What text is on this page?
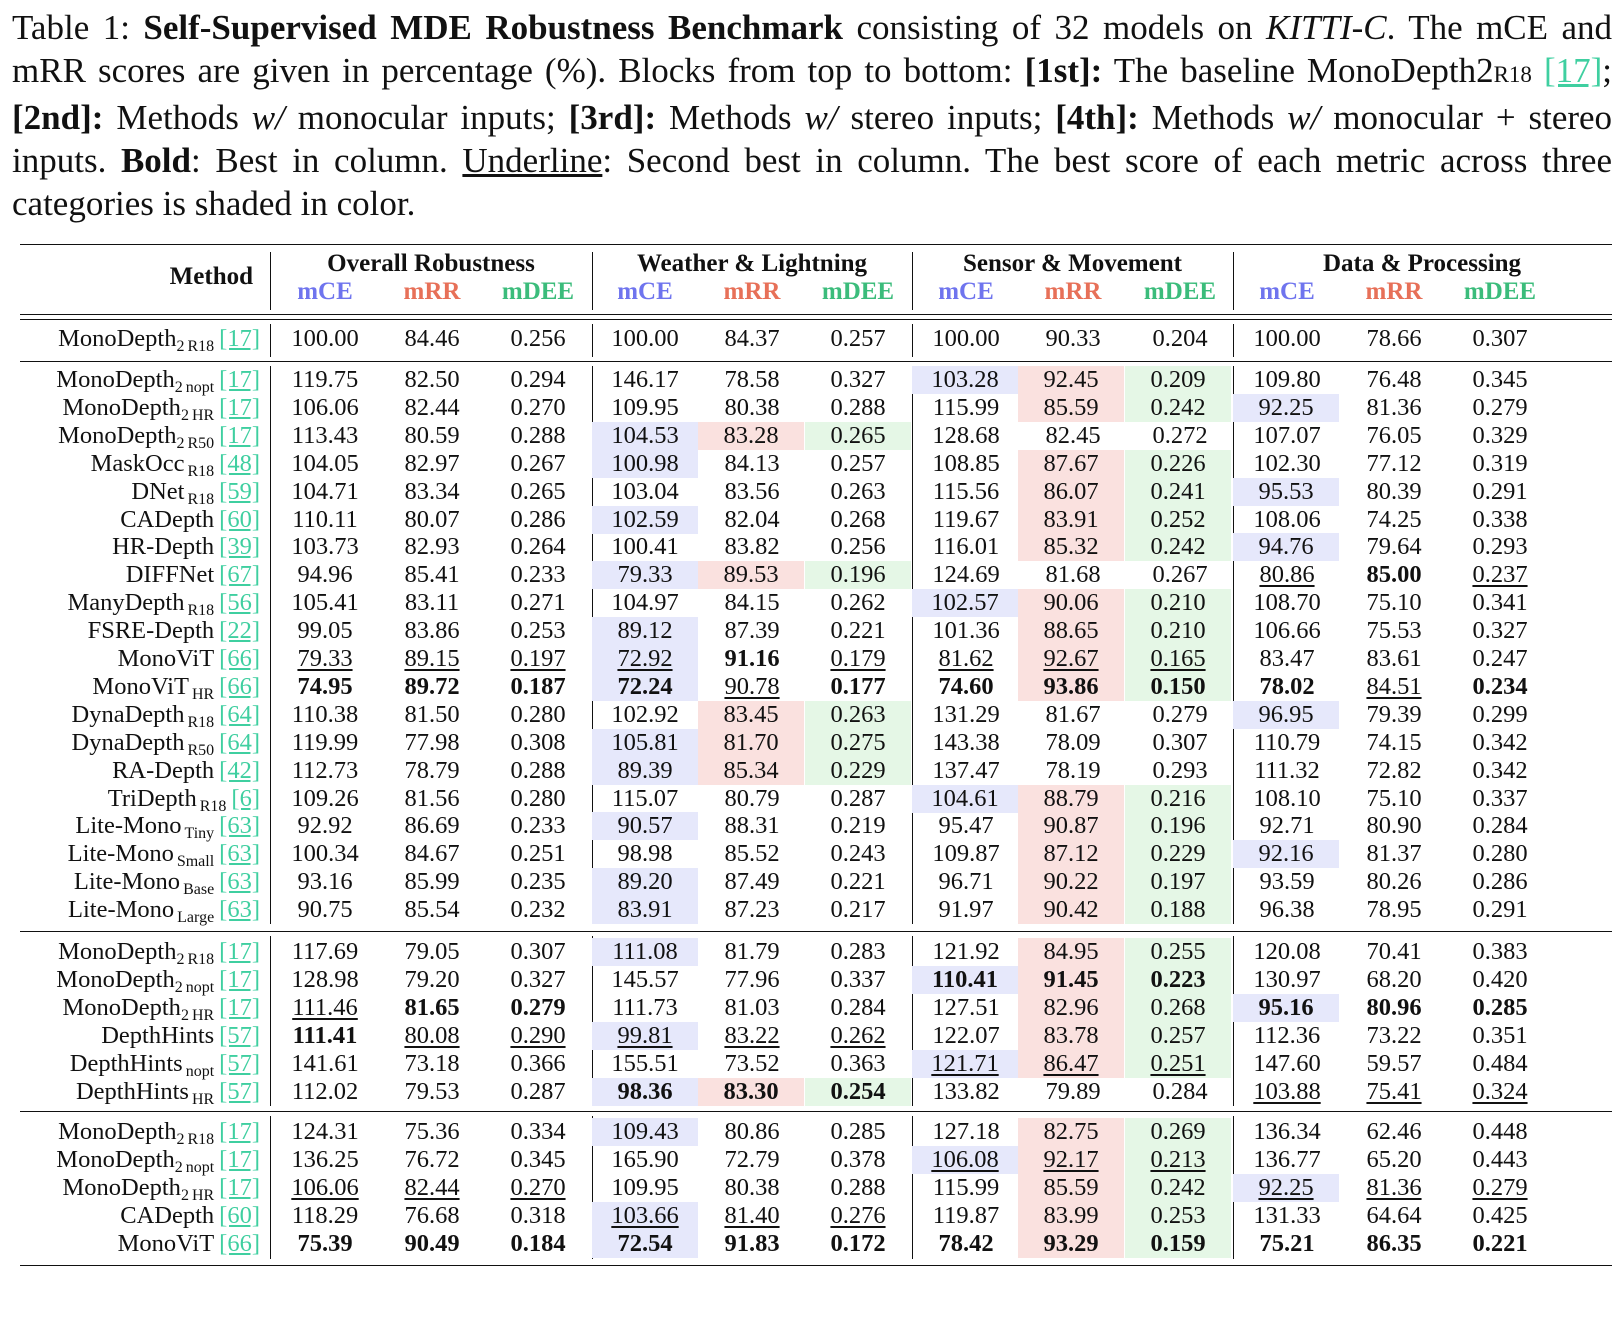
Table 1: Self-Supervised MDE Robustness Benchmark consisting of 32 models on KITTI-C. The mCE and mRR scores are given in percentage (%). Blocks from top to bottom: [1st]: The baseline MonoDepth2R18 [17]; [2nd]: Methods w/ monocular inputs; [3rd]: Methods w/ stereo inputs; [4th]: Methods w/ monocular + stereo inputs. Bold: Best in column. Underline: Second best in column. The best score of each metric across three categories is shaded in color.
Method	Overall Robustness
mCE	mRR	mDEE
Weather & Lightning
mCE	mRR	mDEE
Sensor & Movement
mCE	mRR	mDEE
Data & Processing
mCE	mRR	mDEE
MonoDepth$_2$ $_{R18}$ [17]	100.00	84.46	0.256	100.00	84.37	0.257	100.00	90.33	0.204	100.00	78.66	0.307
MonoDepth$_2$ $_{nopt}$ [17]	119.75	82.50	0.294	146.17	78.58	0.327	103.28	92.45	0.209	109.80	76.48	0.345
MonoDepth$_2$ $_{HR}$ [17]	106.06	82.44	0.270	109.95	80.38	0.288	115.99	85.59	0.242	92.25	81.36	0.279
MonoDepth$_2$ $_{R50}$ [17]	113.43	80.59	0.288	104.53	83.28	0.265	128.68	82.45	0.272	107.07	76.05	0.329
MaskOcc $_{R18}$ [48]	104.05	82.97	0.267	100.98	84.13	0.257	108.85	87.67	0.226	102.30	77.12	0.319
DNet $_{R18}$ [59]	104.71	83.34	0.265	103.04	83.56	0.263	115.56	86.07	0.241	95.53	80.39	0.291
CADepth [60]	110.11	80.07	0.286	102.59	82.04	0.268	119.67	83.91	0.252	108.06	74.25	0.338
HR-Depth [39]	103.73	82.93	0.264	100.41	83.82	0.256	116.01	85.32	0.242	94.76	79.64	0.293
DIFFNet [67]	94.96	85.41	0.233	79.33	89.53	0.196	124.69	81.68	0.267	80.86	85.00	0.237
ManyDepth $_{R18}$ [56]	105.41	83.11	0.271	104.97	84.15	0.262	102.57	90.06	0.210	108.70	75.10	0.341
FSRE-Depth [22]	99.05	83.86	0.253	89.12	87.39	0.221	101.36	88.65	0.210	106.66	75.53	0.327
MonoViT [66]	79.33	89.15	0.197	72.92	91.16	0.179	81.62	92.67	0.165	83.47	83.61	0.247
MonoViT $_{HR}$ [66]	74.95	89.72	0.187	72.24	90.78	0.177	74.60	93.86	0.150	78.02	84.51	0.234
DynaDepth $_{R18}$ [64]	110.38	81.50	0.280	102.92	83.45	0.263	131.29	81.67	0.279	96.95	79.39	0.299
DynaDepth $_{R50}$ [64]	119.99	77.98	0.308	105.81	81.70	0.275	143.38	78.09	0.307	110.79	74.15	0.342
RA-Depth [42]	112.73	78.79	0.288	89.39	85.34	0.229	137.47	78.19	0.293	111.32	72.82	0.342
TriDepth $_{R18}$ [6]	109.26	81.56	0.280	115.07	80.79	0.287	104.61	88.79	0.216	108.10	75.10	0.337
Lite-Mono $_{Tiny}$ [63]	92.92	86.69	0.233	90.57	88.31	0.219	95.47	90.87	0.196	92.71	80.90	0.284
Lite-Mono $_{Small}$ [63]	100.34	84.67	0.251	98.98	85.52	0.243	109.87	87.12	0.229	92.16	81.37	0.280
Lite-Mono $_{Base}$ [63]	93.16	85.99	0.235	89.20	87.49	0.221	96.71	90.22	0.197	93.59	80.26	0.286
Lite-Mono $_{Large}$ [63]	90.75	85.54	0.232	83.91	87.23	0.217	91.97	90.42	0.188	96.38	78.95	0.291
MonoDepth$_2$ $_{R18}$ [17]	117.69	79.05	0.307	111.08	81.79	0.283	121.92	84.95	0.255	120.08	70.41	0.383
MonoDepth$_2$ $_{nopt}$ [17]	128.98	79.20	0.327	145.57	77.96	0.337	110.41	91.45	0.223	130.97	68.20	0.420
MonoDepth$_2$ $_{HR}$ [17]	111.46	81.65	0.279	111.73	81.03	0.284	127.51	82.96	0.268	95.16	80.96	0.285
DepthHints [57]	111.41	80.08	0.290	99.81	83.22	0.262	122.07	83.78	0.257	112.36	73.22	0.351
DepthHints $_{nopt}$ [57]	141.61	73.18	0.366	155.51	73.52	0.363	121.71	86.47	0.251	147.60	59.57	0.484
DepthHints $_{HR}$ [57]	112.02	79.53	0.287	98.36	83.30	0.254	133.82	79.89	0.284	103.88	75.41	0.324
MonoDepth$_2$ $_{R18}$ [17]	124.31	75.36	0.334	109.43	80.86	0.285	127.18	82.75	0.269	136.34	62.46	0.448
MonoDepth$_2$ $_{nopt}$ [17]	136.25	76.72	0.345	165.90	72.79	0.378	106.08	92.17	0.213	136.77	65.20	0.443
MonoDepth$_2$ $_{HR}$ [17]	106.06	82.44	0.270	109.95	80.38	0.288	115.99	85.59	0.242	92.25	81.36	0.279
CADepth [60]	118.29	76.68	0.318	103.66	81.40	0.276	119.87	83.99	0.253	131.33	64.64	0.425
MonoViT [66]	75.39	90.49	0.184	72.54	91.83	0.172	78.42	93.29	0.159	75.21	86.35	0.221
